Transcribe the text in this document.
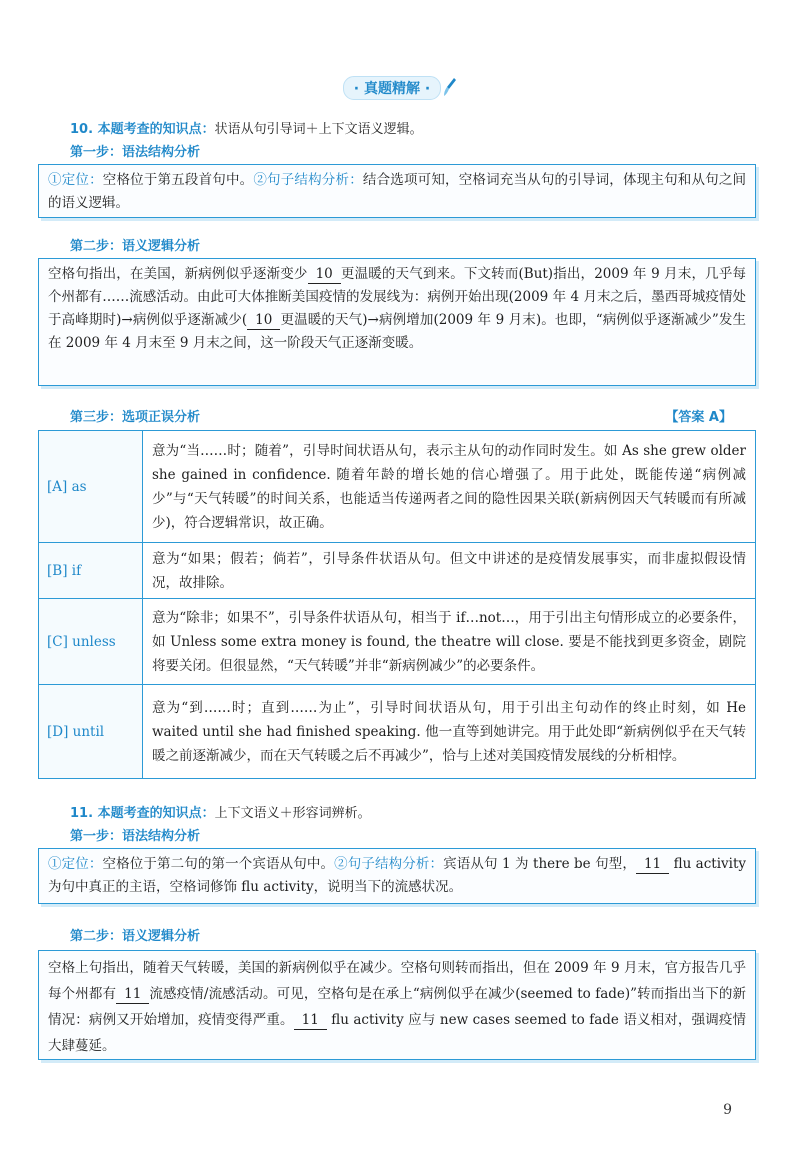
· 真题精解 ·
10. 本题考查的知识点：状语从句引导词＋上下文语义逻辑。
第一步：语法结构分析
①定位：空格位于第五段首句中。②句子结构分析：结合选项可知，空格词充当从句的引导词，体现主句和从句之间的语义逻辑。
第二步：语义逻辑分析
空格句指出，在美国，新病例似乎逐渐变少 10 更温暖的天气到来。下文转而(But)指出，2009 年 9 月末，几乎每个州都有……流感活动。由此可大体推断美国疫情的发展线为：病例开始出现(2009 年 4 月末之后，墨西哥城疫情处于高峰期时)→病例似乎逐渐减少( 10 更温暖的天气)→病例增加(2009 年 9 月末)。也即，“病例似乎逐渐减少”发生在 2009 年 4 月末至 9 月末之间，这一阶段天气正逐渐变暖。
第三步：选项正误分析	【答案 A】
[A] as	意为“当……时；随着”，引导时间状语从句，表示主从句的动作同时发生。如 As she grew older she gained in confidence. 随着年龄的增长她的信心增强了。用于此处，既能传递“病例减少”与“天气转暖”的时间关系，也能适当传递两者之间的隐性因果关联(新病例因天气转暖而有所减少)，符合逻辑常识，故正确。
[B] if	意为“如果；假若；倘若”，引导条件状语从句。但文中讲述的是疫情发展事实，而非虚拟假设情况，故排除。
[C] unless	意为“除非；如果不”，引导条件状语从句，相当于 if…not…，用于引出主句情形成立的必要条件，如 Unless some extra money is found, the theatre will close. 要是不能找到更多资金，剧院将要关闭。但很显然，“天气转暖”并非“新病例减少”的必要条件。
[D] until	意为“到……时；直到……为止”，引导时间状语从句，用于引出主句动作的终止时刻，如 He waited until she had finished speaking. 他一直等到她讲完。用于此处即“新病例似乎在天气转暖之前逐渐减少，而在天气转暖之后不再减少”，恰与上述对美国疫情发展线的分析相悖。
11. 本题考查的知识点：上下文语义＋形容词辨析。
第一步：语法结构分析
①定位：空格位于第二句的第一个宾语从句中。②句子结构分析：宾语从句 1 为 there be 句型， 11 flu activity 为句中真正的主语，空格词修饰 flu activity，说明当下的流感状况。
第二步：语义逻辑分析
空格上句指出，随着天气转暖，美国的新病例似乎在减少。空格句则转而指出，但在 2009 年 9 月末，官方报告几乎每个州都有 11 流感疫情/流感活动。可见，空格句是在承上“病例似乎在减少(seemed to fade)”转而指出当下的新情况：病例又开始增加，疫情变得严重。 11 flu activity 应与 new cases seemed to fade 语义相对，强调疫情大肆蔓延。
9
